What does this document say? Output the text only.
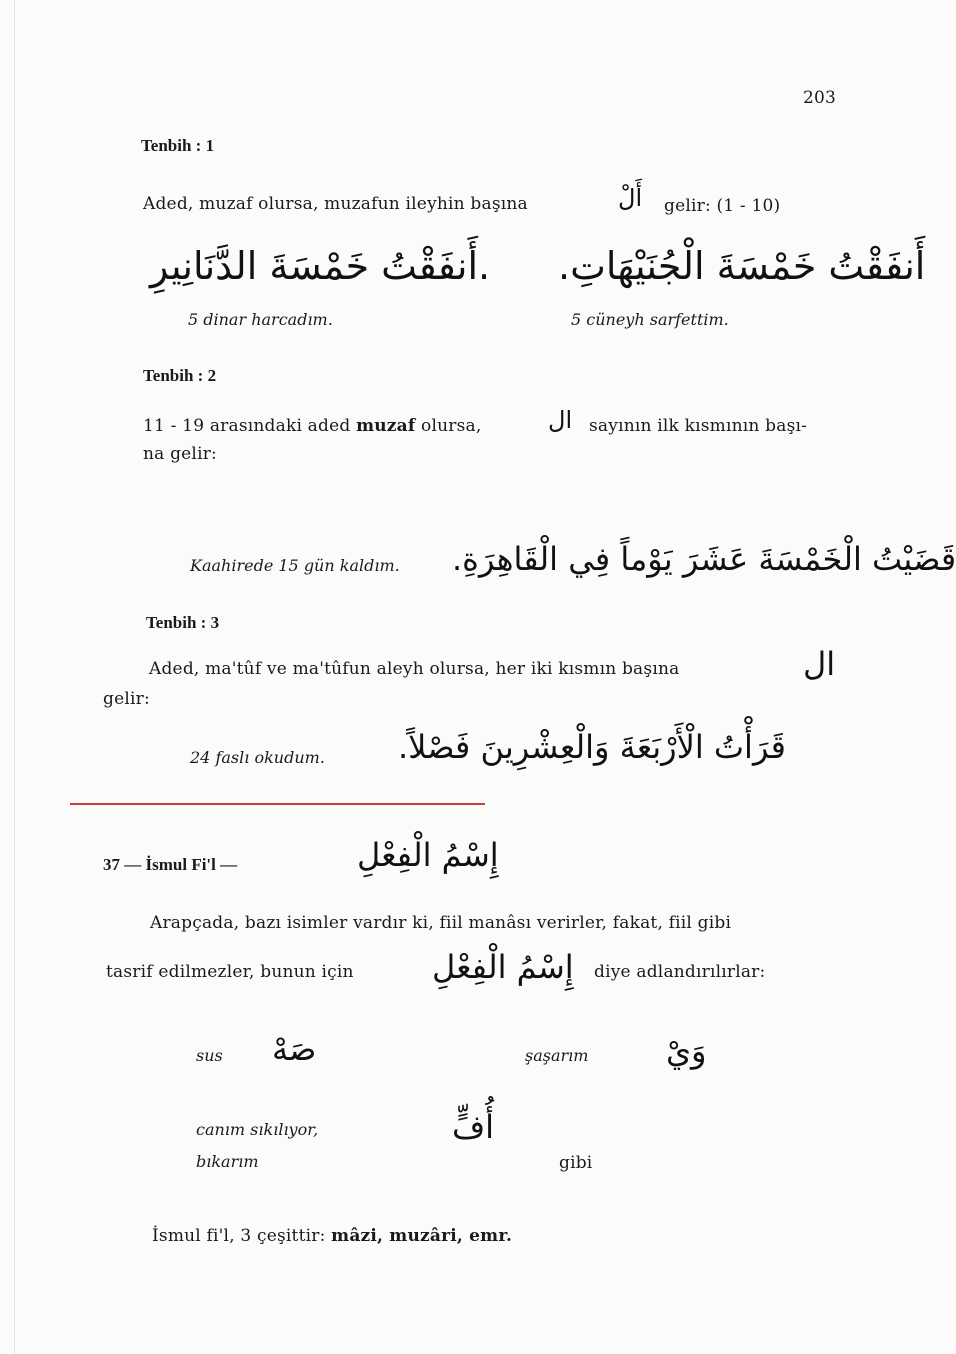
203
Tenbih : 1
Aded, muzaf olursa, muzafun ileyhin başına	أَلْ gelir: (1 - 10)
أَنفَقْتُ خَمْسَةَ الْجُنَيْهَاتِ.
5 cüneyh sarfettim.
.أَنفَقْتُ خَمْسَةَ الدَّنَانِيرِ
5 dinar harcadım.
Tenbih : 2
11 - 19 arasındaki aded muzaf olursa,	ال sayının ilk kısmının başı-
na gelir:
Kaahirede 15 gün kaldım. قَضَيْتُ الْخَمْسَةَ عَشَرَ يَوْماً فِي الْقَاهِرَةِ.
Tenbih : 3
Aded, ma'tûf ve ma'tûfun aleyh olursa, her iki kısmın başına	ال
gelir:
24 faslı okudum. قَرَأْتُ الْأَرْبَعَةَ وَالْعِشْرِينَ فَصْلاً.
37 — İsmul Fi'l —	إِسْمُ الْفِعْلِ
Arapçada, bazı isimler vardır ki, fiil manâsı verirler, fakat, fiil gibi
tasrif edilmezler, bunun için إِسْمُ الْفِعْلِ diye adlandırılırlar:
sus صَهْ	şaşarım وَيْ
canım sıkılıyor,
bıkarım
أُفٍّ
gibi
İsmul fi'l, 3 çeşittir: mâzi, muzâri, emr.
